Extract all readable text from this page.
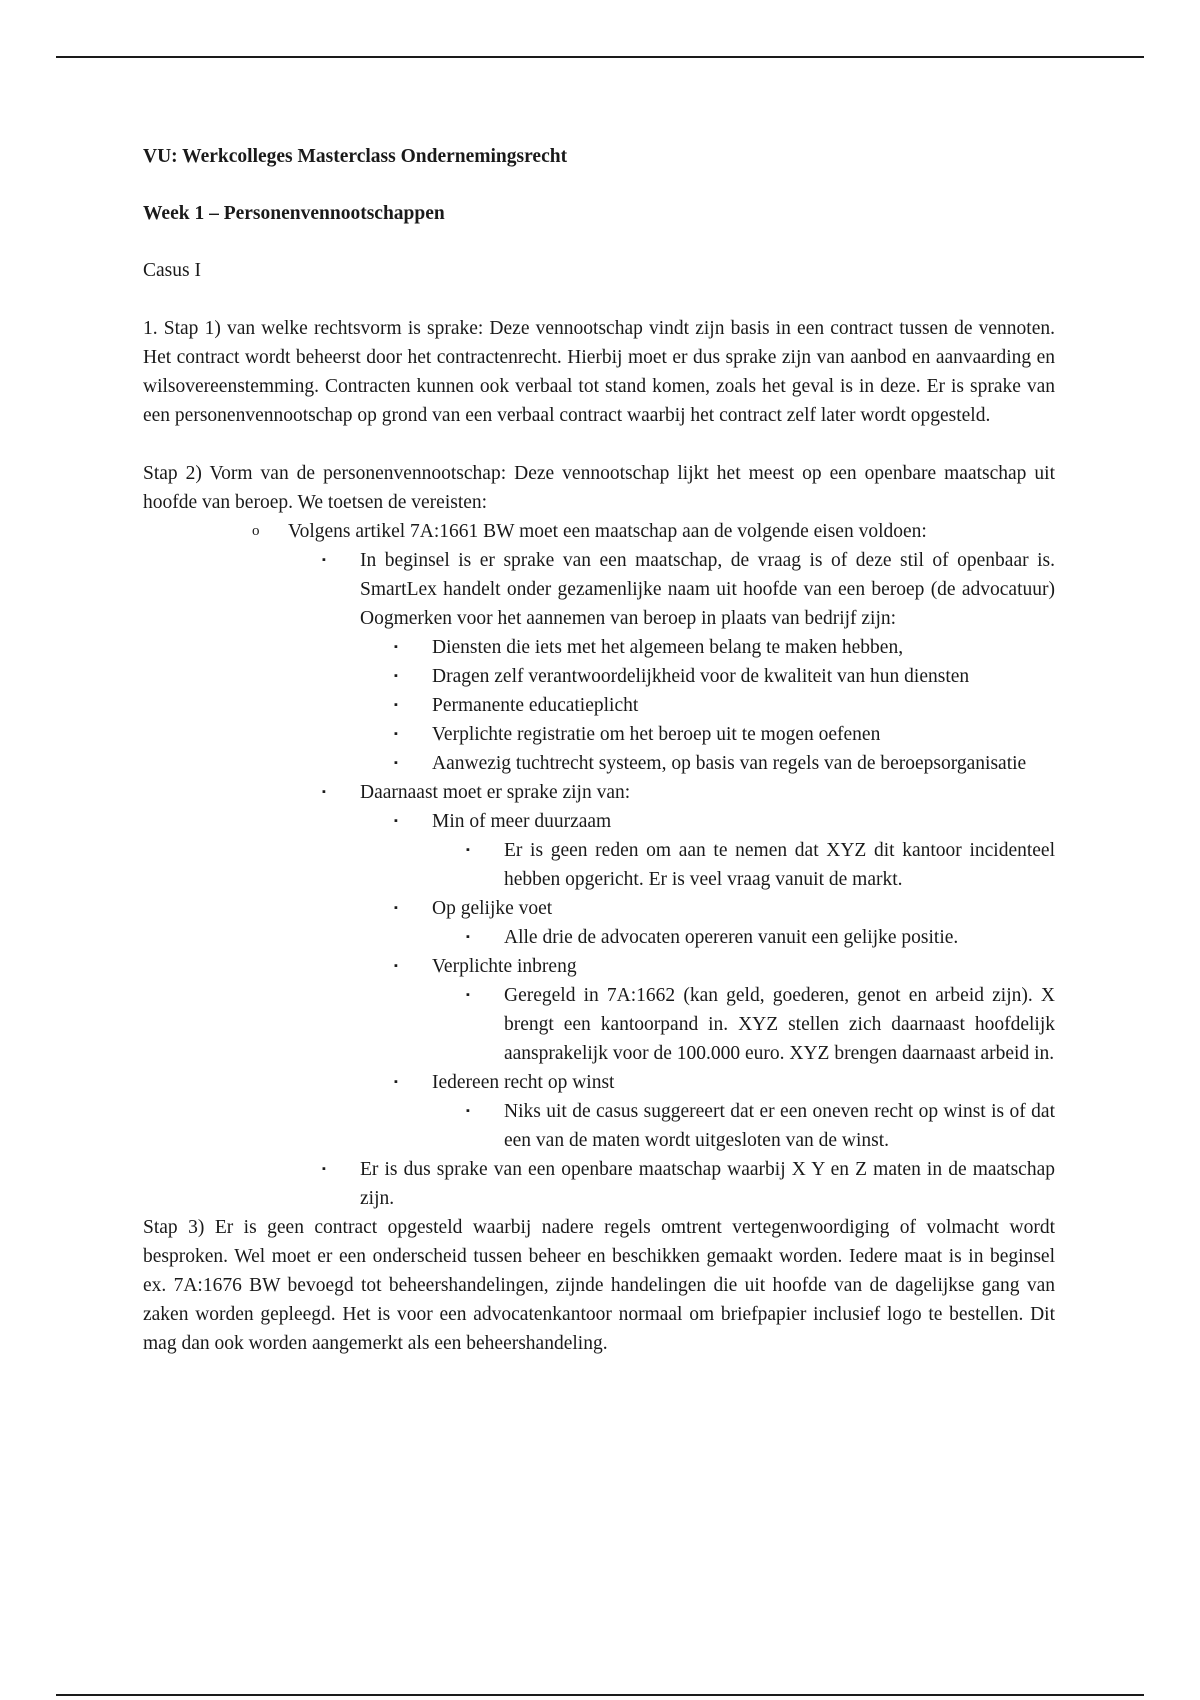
VU: Werkcolleges Masterclass Ondernemingsrecht

Week 1 – Personenvennootschappen

Casus I

1. Stap 1) van welke rechtsvorm is sprake: Deze vennootschap vindt zijn basis in een contract tussen de vennoten. Het contract wordt beheerst door het contractenrecht. Hierbij moet er dus sprake zijn van aanbod en aanvaarding en wilsovereenstemming. Contracten kunnen ook verbaal tot stand komen, zoals het geval is in deze. Er is sprake van een personenvennootschap op grond van een verbaal contract waarbij het contract zelf later wordt opgesteld.

Stap 2) Vorm van de personenvennootschap: Deze vennootschap lijkt het meest op een openbare maatschap uit hoofde van beroep. We toetsen de vereisten:

o Volgens artikel 7A:1661 BW moet een maatschap aan de volgende eisen voldoen:
▪ In beginsel is er sprake van een maatschap, de vraag is of deze stil of openbaar is. SmartLex handelt onder gezamenlijke naam uit hoofde van een beroep (de advocatuur) Oogmerken voor het aannemen van beroep in plaats van bedrijf zijn:
▪ Diensten die iets met het algemeen belang te maken hebben,
▪ Dragen zelf verantwoordelijkheid voor de kwaliteit van hun diensten
▪ Permanente educatieplicht
▪ Verplichte registratie om het beroep uit te mogen oefenen
▪ Aanwezig tuchtrecht systeem, op basis van regels van de beroepsorganisatie
▪ Daarnaast moet er sprake zijn van:
▪ Min of meer duurzaam
▪ Er is geen reden om aan te nemen dat XYZ dit kantoor incidenteel hebben opgericht. Er is veel vraag vanuit de markt.
▪ Op gelijke voet
▪ Alle drie de advocaten opereren vanuit een gelijke positie.
▪ Verplichte inbreng
▪ Geregeld in 7A:1662 (kan geld, goederen, genot en arbeid zijn). X brengt een kantoorpand in. XYZ stellen zich daarnaast hoofdelijk aansprakelijk voor de 100.000 euro. XYZ brengen daarnaast arbeid in.
▪ Iedereen recht op winst
▪ Niks uit de casus suggereert dat er een oneven recht op winst is of dat een van de maten wordt uitgesloten van de winst.
▪ Er is dus sprake van een openbare maatschap waarbij X Y en Z maten in de maatschap zijn.

Stap 3) Er is geen contract opgesteld waarbij nadere regels omtrent vertegenwoordiging of volmacht wordt besproken. Wel moet er een onderscheid tussen beheer en beschikken gemaakt worden. Iedere maat is in beginsel ex. 7A:1676 BW bevoegd tot beheershandelingen, zijnde handelingen die uit hoofde van de dagelijkse gang van zaken worden gepleegd. Het is voor een advocatenkantoor normaal om briefpapier inclusief logo te bestellen. Dit mag dan ook worden aangemerkt als een beheershandeling.
